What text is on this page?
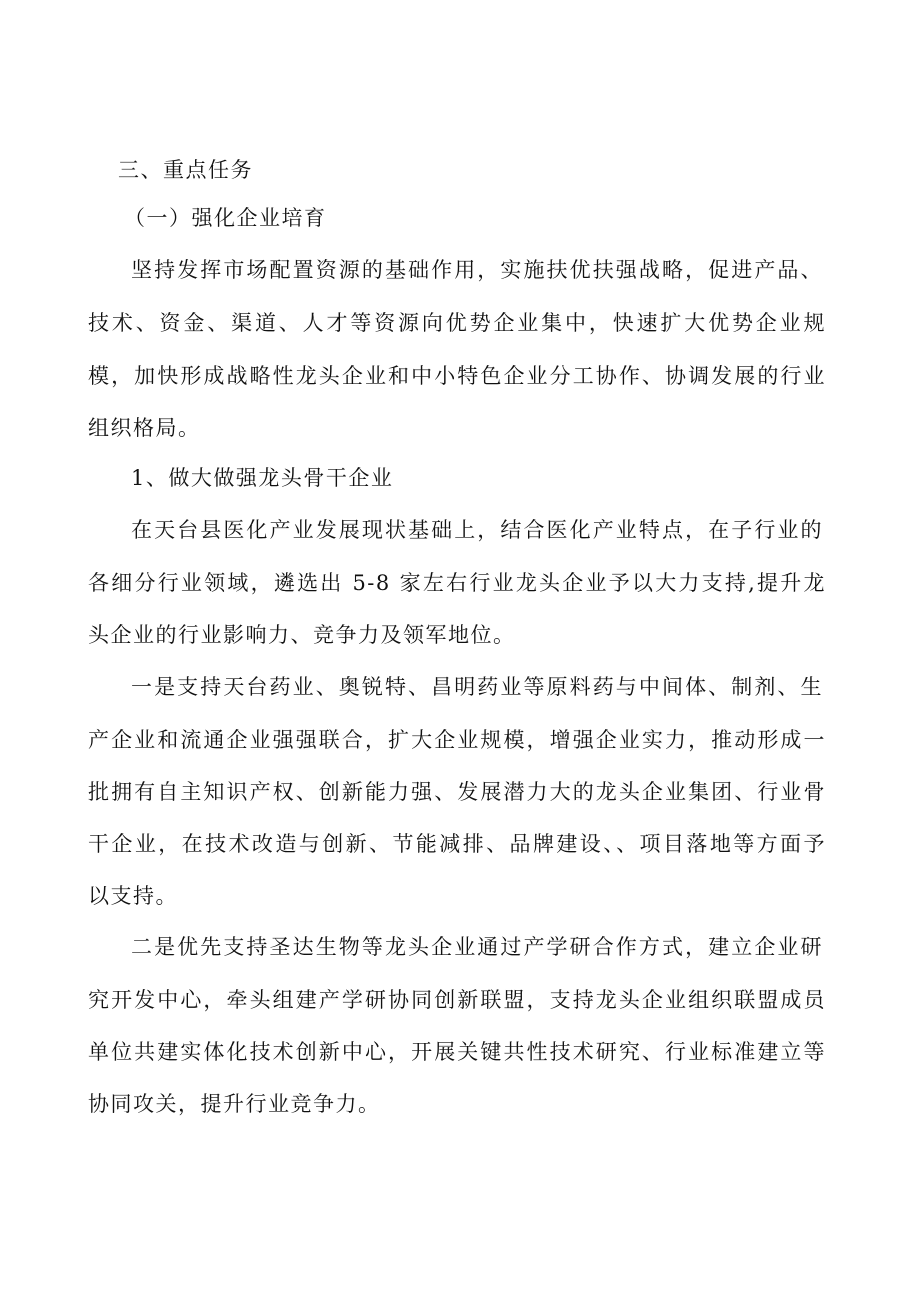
三、重点任务
（一）强化企业培育
坚持发挥市场配置资源的基础作用，实施扶优扶强战略，促进产品、
技术、资金、渠道、人才等资源向优势企业集中，快速扩大优势企业规
模，加快形成战略性龙头企业和中小特色企业分工协作、协调发展的行业
组织格局。
1、做大做强龙头骨干企业
在天台县医化产业发展现状基础上，结合医化产业特点，在子行业的
各细分行业领域，遴选出 5-8 家左右行业龙头企业予以大力支持,提升龙
头企业的行业影响力、竞争力及领军地位。
一是支持天台药业、奥锐特、昌明药业等原料药与中间体、制剂、生
产企业和流通企业强强联合，扩大企业规模，增强企业实力，推动形成一
批拥有自主知识产权、创新能力强、发展潜力大的龙头企业集团、行业骨
干企业，在技术改造与创新、节能减排、品牌建设、、项目落地等方面予
以支持。
二是优先支持圣达生物等龙头企业通过产学研合作方式，建立企业研
究开发中心，牵头组建产学研协同创新联盟，支持龙头企业组织联盟成员
单位共建实体化技术创新中心，开展关键共性技术研究、行业标准建立等
协同攻关，提升行业竞争力。
